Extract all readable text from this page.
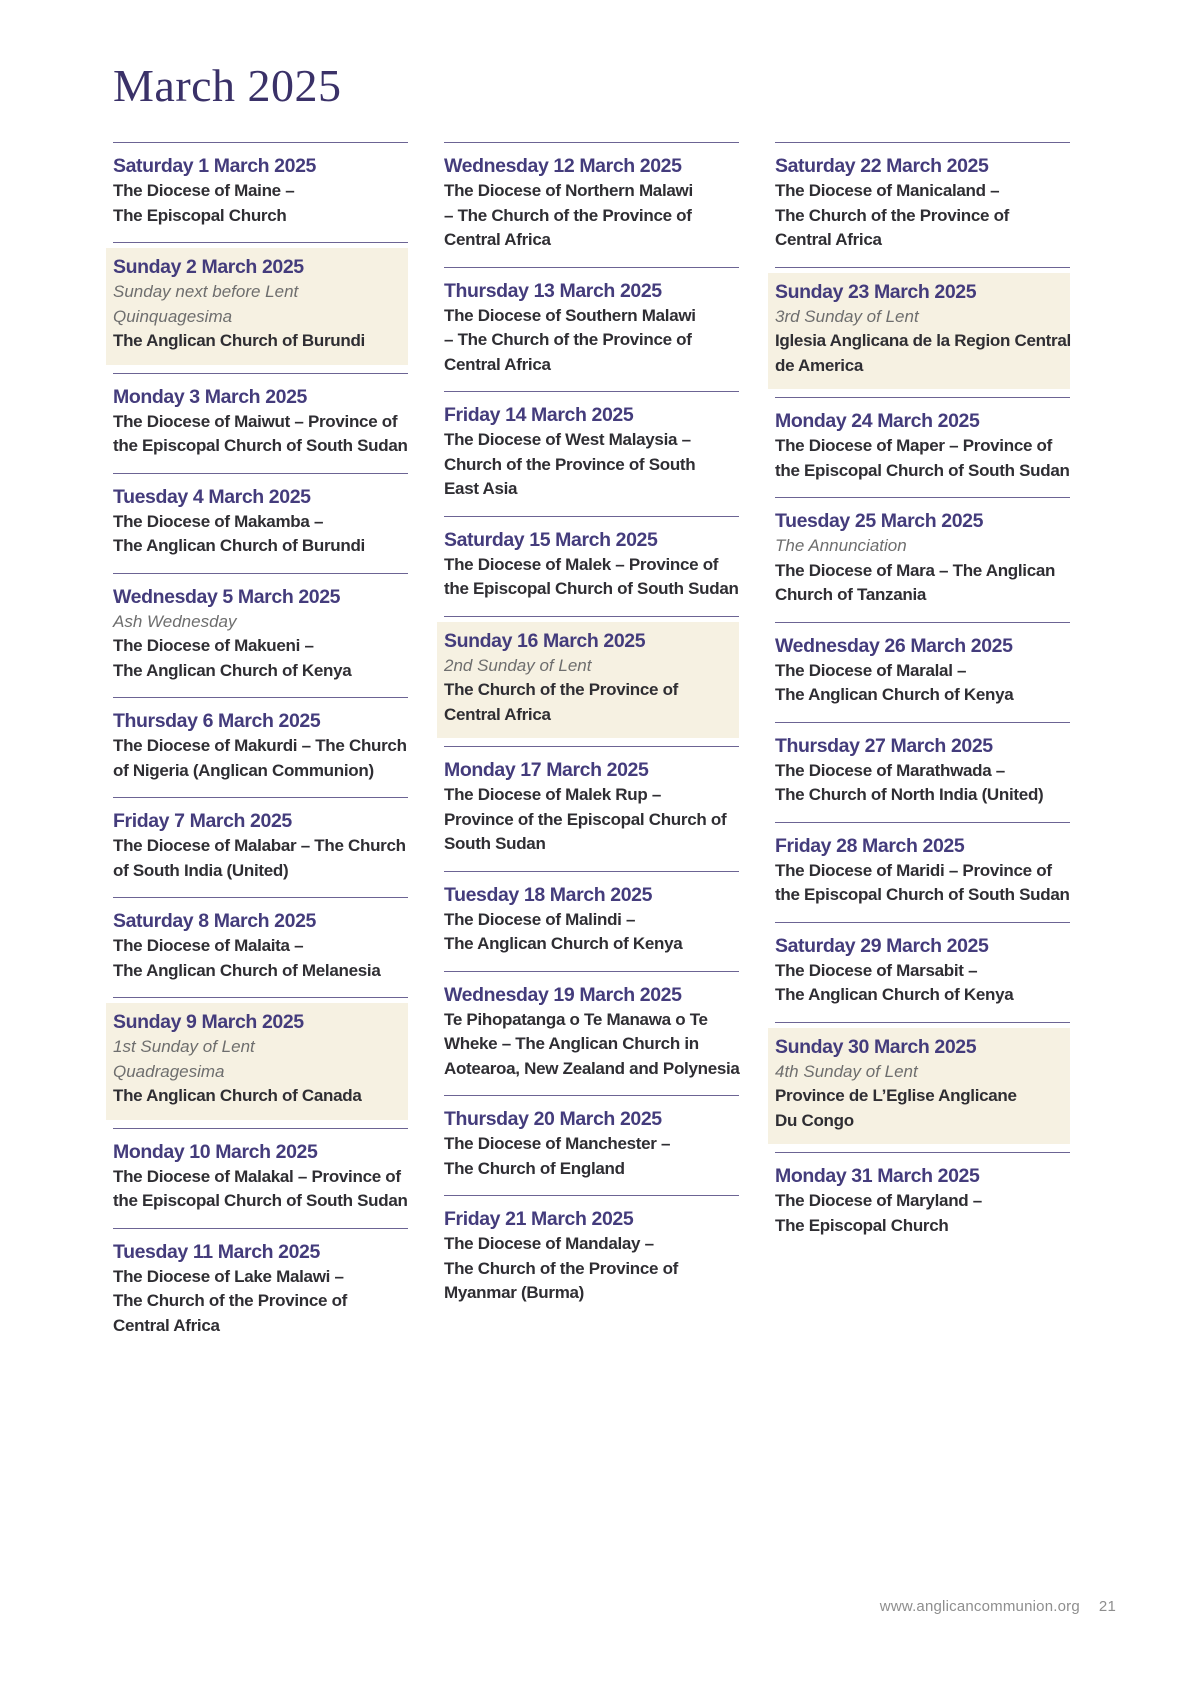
March 2025
Saturday 1 March 2025
The Diocese of Maine –
The Episcopal Church
Sunday 2 March 2025
Sunday next before Lent
Quinquagesima
The Anglican Church of Burundi
Monday 3 March 2025
The Diocese of Maiwut – Province of
the Episcopal Church of South Sudan
Tuesday 4 March 2025
The Diocese of Makamba –
The Anglican Church of Burundi
Wednesday 5 March 2025
Ash Wednesday
The Diocese of Makueni –
The Anglican Church of Kenya
Thursday 6 March 2025
The Diocese of Makurdi – The Church
of Nigeria (Anglican Communion)
Friday 7 March 2025
The Diocese of Malabar – The Church
of South India (United)
Saturday 8 March 2025
The Diocese of Malaita –
The Anglican Church of Melanesia
Sunday 9 March 2025
1st Sunday of Lent
Quadragesima
The Anglican Church of Canada
Monday 10 March 2025
The Diocese of Malakal – Province of
the Episcopal Church of South Sudan
Tuesday 11 March 2025
The Diocese of Lake Malawi –
The Church of the Province of
Central Africa
Wednesday 12 March 2025
The Diocese of Northern Malawi
– The Church of the Province of
Central Africa
Thursday 13 March 2025
The Diocese of Southern Malawi
– The Church of the Province of
Central Africa
Friday 14 March 2025
The Diocese of West Malaysia –
Church of the Province of South
East Asia
Saturday 15 March 2025
The Diocese of Malek – Province of
the Episcopal Church of South Sudan
Sunday 16 March 2025
2nd Sunday of Lent
The Church of the Province of
Central Africa
Monday 17 March 2025
The Diocese of Malek Rup –
Province of the Episcopal Church of
South Sudan
Tuesday 18 March 2025
The Diocese of Malindi –
The Anglican Church of Kenya
Wednesday 19 March 2025
Te Pihopatanga o Te Manawa o Te
Wheke – The Anglican Church in
Aotearoa, New Zealand and Polynesia
Thursday 20 March 2025
The Diocese of Manchester –
The Church of England
Friday 21 March 2025
The Diocese of Mandalay –
The Church of the Province of
Myanmar (Burma)
Saturday 22 March 2025
The Diocese of Manicaland –
The Church of the Province of
Central Africa
Sunday 23 March 2025
3rd Sunday of Lent
Iglesia Anglicana de la Region Central
de America
Monday 24 March 2025
The Diocese of Maper – Province of
the Episcopal Church of South Sudan
Tuesday 25 March 2025
The Annunciation
The Diocese of Mara – The Anglican
Church of Tanzania
Wednesday 26 March 2025
The Diocese of Maralal –
The Anglican Church of Kenya
Thursday 27 March 2025
The Diocese of Marathwada –
The Church of North India (United)
Friday 28 March 2025
The Diocese of Maridi – Province of
the Episcopal Church of South Sudan
Saturday 29 March 2025
The Diocese of Marsabit –
The Anglican Church of Kenya
Sunday 30 March 2025
4th Sunday of Lent
Province de L’Eglise Anglicane
Du Congo
Monday 31 March 2025
The Diocese of Maryland –
The Episcopal Church
www.anglicancommunion.org 21
